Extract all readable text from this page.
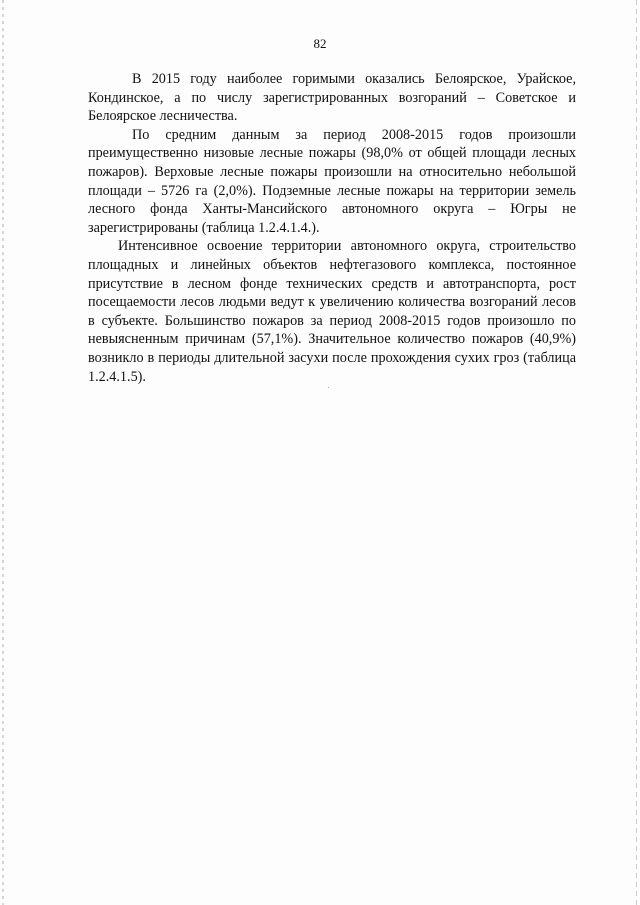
82

В 2015 году наиболее горимыми оказались Белоярское, Урайское, Кондинское, а по числу зарегистрированных возгораний – Советское и Белоярское лесничества.

По средним данным за период 2008-2015 годов произошли преимущественно низовые лесные пожары (98,0% от общей площади лесных пожаров). Верховые лесные пожары произошли на относительно небольшой площади – 5726 га (2,0%). Подземные лесные пожары на территории земель лесного фонда Ханты-Мансийского автономного округа – Югры не зарегистрированы (таблица 1.2.4.1.4.).

Интенсивное освоение территории автономного округа, строительство площадных и линейных объектов нефтегазового комплекса, постоянное присутствие в лесном фонде технических средств и автотранспорта, рост посещаемости лесов людьми ведут к увеличению количества возгораний лесов в субъекте. Большинство пожаров за период 2008-2015 годов произошло по невыясненным причинам (57,1%). Значительное количество пожаров (40,9%) возникло в периоды длительной засухи после прохождения сухих гроз (таблица 1.2.4.1.5).
